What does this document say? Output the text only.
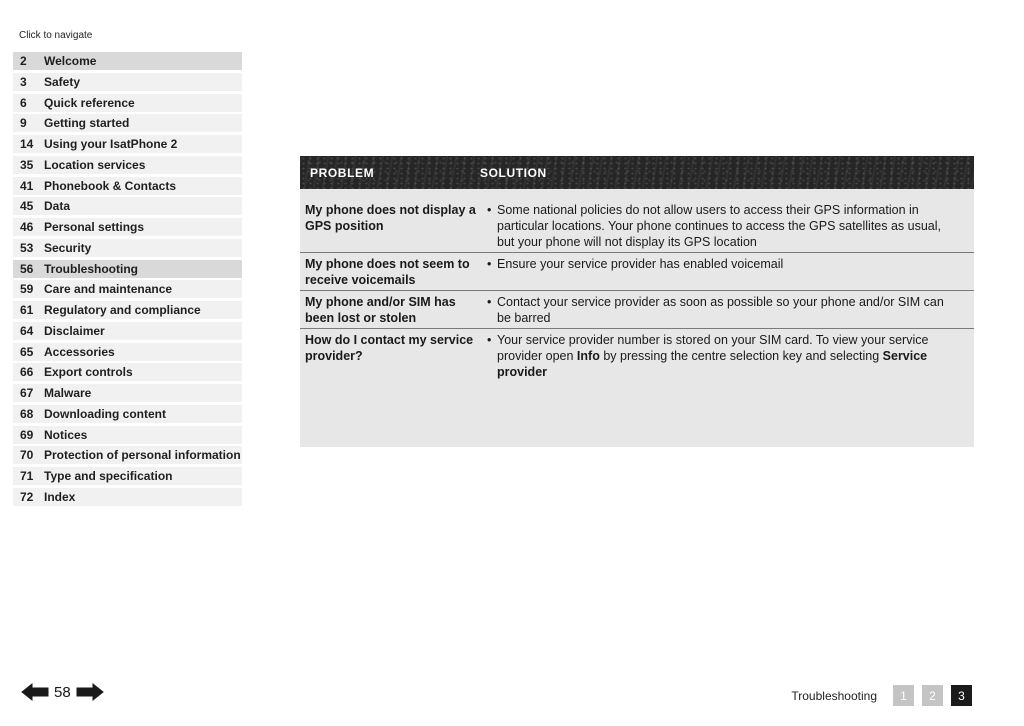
Click to navigate
2	Welcome
3	Safety
6	Quick reference
9	Getting started
14 Using your IsatPhone 2
35 Location services
41 Phonebook & Contacts
45 Data
46 Personal settings
53 Security
56 Troubleshooting
59 Care and maintenance
61 Regulatory and compliance
64 Disclaimer
65 Accessories
66 Export controls
67 Malware
68 Downloading content
69 Notices
70 Protection of personal information
71 Type and specification
72 Index
PROBLEM	SOLUTION
My phone does not display a GPS position
• Some national policies do not allow users to access their GPS information in particular locations. Your phone continues to access the GPS satellites as usual, but your phone will not display its GPS location
My phone does not seem to receive voicemails
• Ensure your service provider has enabled voicemail
My phone and/or SIM has been lost or stolen
• Contact your service provider as soon as possible so your phone and/or SIM can be barred
How do I contact my service provider?
• Your service provider number is stored on your SIM card. To view your service provider open Info by pressing the centre selection key and selecting Service provider
58	Troubleshooting	1	2	3
